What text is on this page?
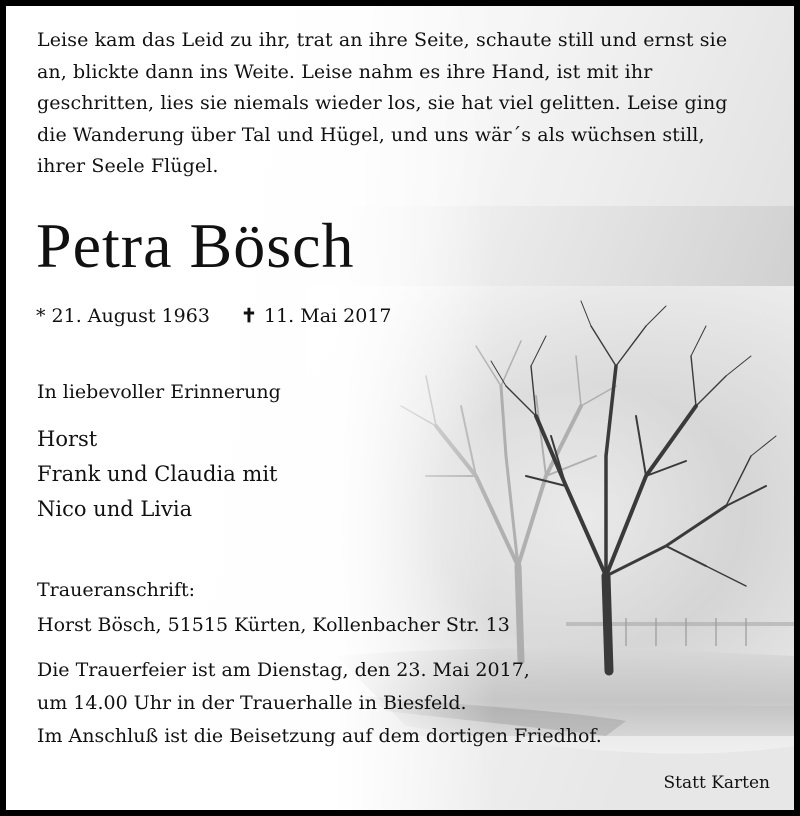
Leise kam das Leid zu ihr, trat an ihre Seite, schaute still und ernst sie
an, blickte dann ins Weite. Leise nahm es ihre Hand, ist mit ihr
geschritten, lies sie niemals wieder los, sie hat viel gelitten. Leise ging
die Wanderung über Tal und Hügel, und uns wär´s als wüchsen still,
ihrer Seele Flügel.
Petra Bösch
* 21. August 1963 ✝ 11. Mai 2017
In liebevoller Erinnerung
Horst
Frank und Claudia mit
Nico und Livia
Traueranschrift:
Horst Bösch, 51515 Kürten, Kollenbacher Str. 13
Die Trauerfeier ist am Dienstag, den 23. Mai 2017,
um 14.00 Uhr in der Trauerhalle in Biesfeld.
Im Anschluß ist die Beisetzung auf dem dortigen Friedhof.
Statt Karten
